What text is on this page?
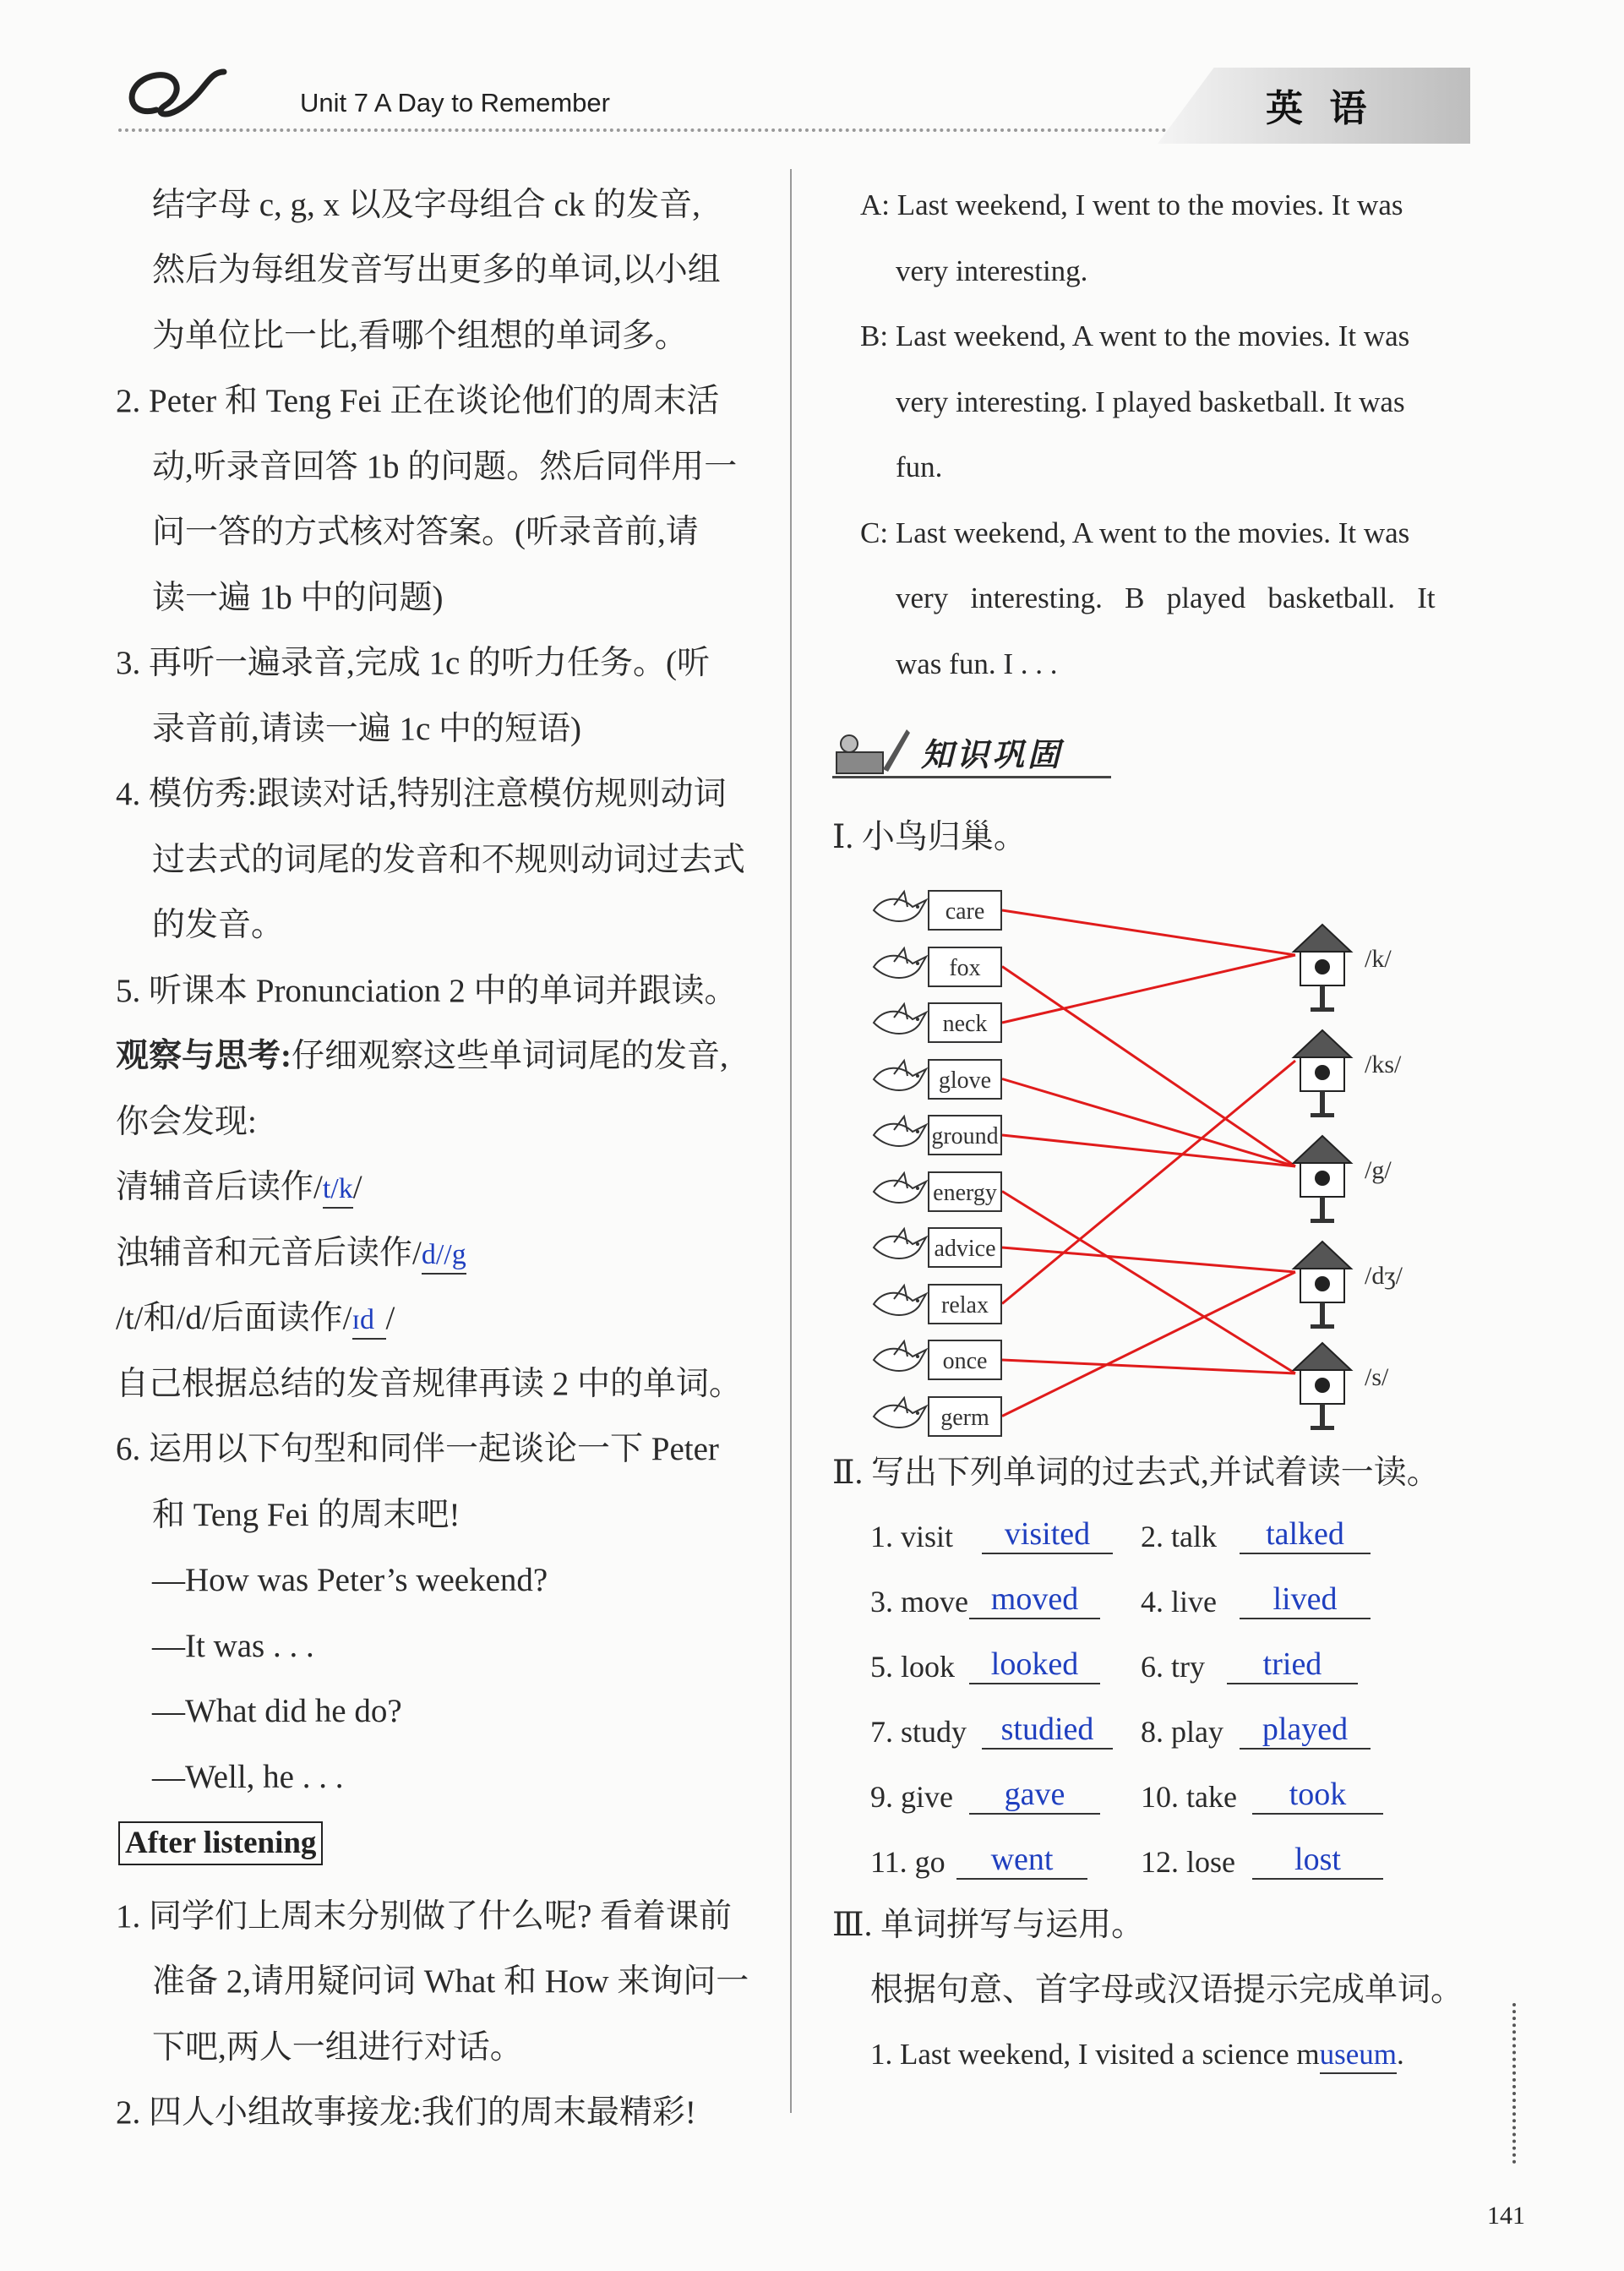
Unit 7 A Day to Remember	英 语
结字母 c, g, x 以及字母组合 ck 的发音,
然后为每组发音写出更多的单词,以小组
为单位比一比,看哪个组想的单词多。
2. Peter 和 Teng Fei 正在谈论他们的周末活
动,听录音回答 1b 的问题。然后同伴用一
问一答的方式核对答案。(听录音前,请
读一遍 1b 中的问题)
3. 再听一遍录音,完成 1c 的听力任务。(听
录音前,请读一遍 1c 中的短语)
4. 模仿秀:跟读对话,特别注意模仿规则动词
过去式的词尾的发音和不规则动词过去式
的发音。
5. 听课本 Pronunciation 2 中的单词并跟读。
观察与思考:仔细观察这些单词词尾的发音,
你会发现:
清辅音后读作/t/k/
浊辅音和元音后读作/d//g
/t/和/d/后面读作/ɪd /
自己根据总结的发音规律再读 2 中的单词。
6. 运用以下句型和同伴一起谈论一下 Peter
和 Teng Fei 的周末吧!
—How was Peter’s weekend?
—It was . . .
—What did he do?
—Well, he . . .
After listening
1. 同学们上周末分别做了什么呢? 看着课前
准备 2,请用疑问词 What 和 How 来询问一
下吧,两人一组进行对话。
2. 四人小组故事接龙:我们的周末最精彩!
A: Last weekend, I went to the movies. It was
very interesting.
B: Last weekend, A went to the movies. It was
very interesting. I played basketball. It was
fun.
C: Last weekend, A went to the movies. It was
very   interesting.   B   played   basketball.   It
was fun. I . . .
知识巩固
Ⅰ. 小鸟归巢。
care
fox
neck
glove
ground
energy
advice
relax
once
germ
/k/
/ks/
/g/
/dʒ/
/s/
Ⅱ. 写出下列单词的过去式,并试着读一读。
1. visit	visited	2. talk	talked
3. move moved	4. live	lived
5. look	looked	6. try	tried
7. study	studied	8. play	played
9. give	gave	10. take	took
11. go	went	12. lose	lost
Ⅲ. 单词拼写与运用。
根据句意、首字母或汉语提示完成单词。
1. Last weekend, I visited a science museum.
141
